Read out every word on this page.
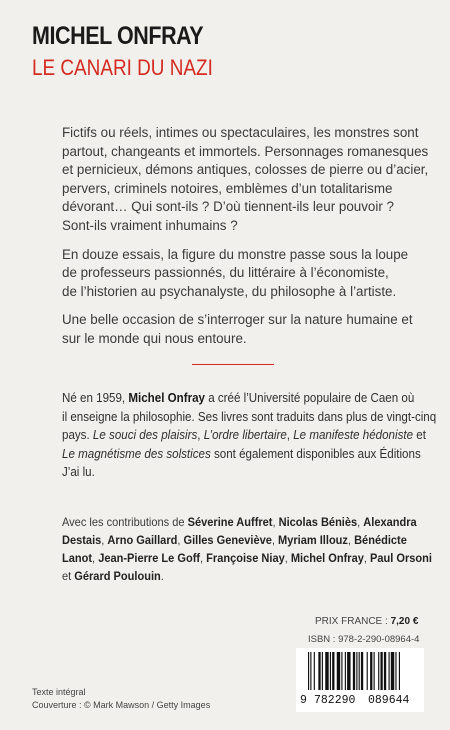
MICHEL ONFRAY
LE CANARI DU NAZI

Fictifs ou réels, intimes ou spectaculaires, les monstres sont
partout, changeants et immortels. Personnages romanesques
et pernicieux, démons antiques, colosses de pierre ou d’acier,
pervers, criminels notoires, emblèmes d’un totalitarisme
dévorant… Qui sont-ils ? D’où tiennent-ils leur pouvoir ?
Sont-ils vraiment inhumains ?

En douze essais, la figure du monstre passe sous la loupe
de professeurs passionnés, du littéraire à l’économiste,
de l’historien au psychanalyste, du philosophe à l’artiste.

Une belle occasion de s’interroger sur la nature humaine et
sur le monde qui nous entoure.

Né en 1959, Michel Onfray a créé l’Université populaire de Caen où
il enseigne la philosophie. Ses livres sont traduits dans plus de vingt-cinq
pays. Le souci des plaisirs, L’ordre libertaire, Le manifeste hédoniste et
Le magnétisme des solstices sont également disponibles aux Éditions
J’ai lu.
Avec les contributions de Séverine Auffret, Nicolas Béniès, Alexandra
Destais, Arno Gaillard, Gilles Geneviève, Myriam Illouz, Bénédicte
Lanot, Jean-Pierre Le Goff, Françoise Niay, Michel Onfray, Paul Orsoni
et Gérard Poulouin.
PRIX FRANCE : 7,20 €
ISBN : 978-2-290-08964-4
9 782290 089644
Texte intégral
Couverture : © Mark Mawson / Getty Images
